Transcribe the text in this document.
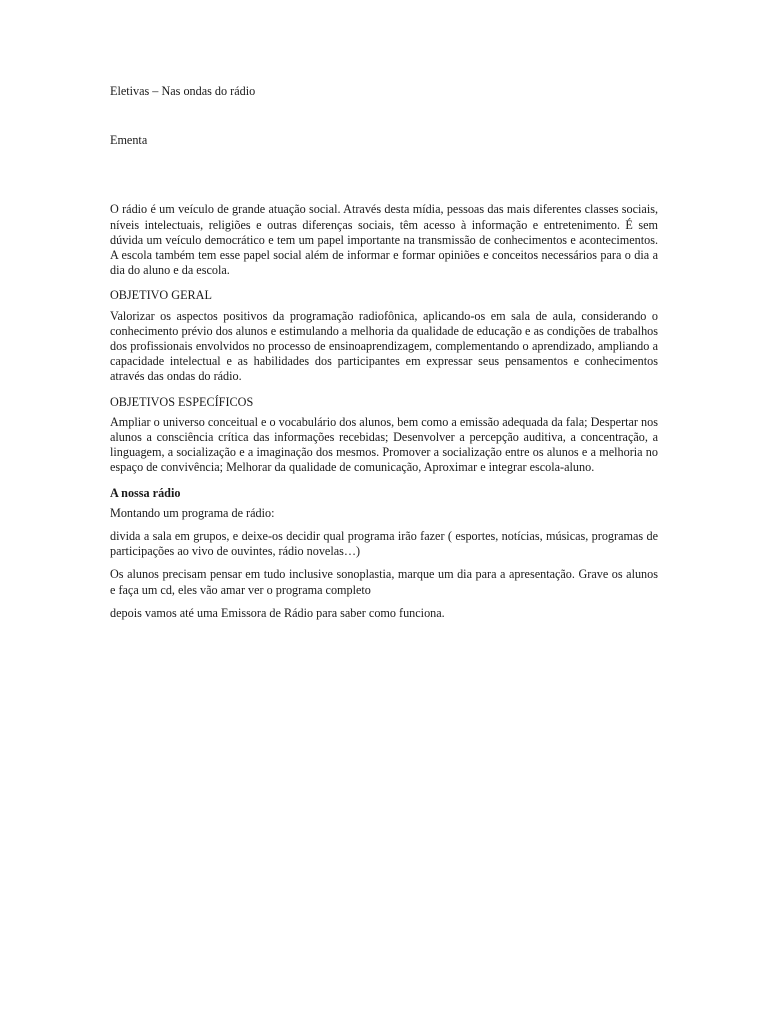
Eletivas – Nas ondas do rádio

Ementa

O rádio é um veículo de grande atuação social. Através desta mídia, pessoas das mais diferentes classes sociais, níveis intelectuais, religiões e outras diferenças sociais, têm acesso à informação e entretenimento. É sem dúvida um veículo democrático e tem um papel importante na transmissão de conhecimentos e acontecimentos. A escola também tem esse papel social além de informar e formar opiniões e conceitos necessários para o dia a dia do aluno e da escola.

OBJETIVO GERAL

Valorizar os aspectos positivos da programação radiofônica, aplicando-os em sala de aula, considerando o conhecimento prévio dos alunos e estimulando a melhoria da qualidade de educação e as condições de trabalhos dos profissionais envolvidos no processo de ensinoaprendizagem, complementando o aprendizado, ampliando a capacidade intelectual e as habilidades dos participantes em expressar seus pensamentos e conhecimentos através das ondas do rádio.

OBJETIVOS ESPECÍFICOS

Ampliar o universo conceitual e o vocabulário dos alunos, bem como a emissão adequada da fala; Despertar nos alunos a consciência crítica das informações recebidas; Desenvolver a percepção auditiva, a concentração, a linguagem, a socialização e a imaginação dos mesmos. Promover a socialização entre os alunos e a melhoria no espaço de convivência; Melhorar da qualidade de comunicação, Aproximar e integrar escola-aluno.

A nossa rádio

Montando um programa de rádio:

divida a sala em grupos, e deixe-os decidir qual programa irão fazer ( esportes, notícias, músicas, programas de participações ao vivo de ouvintes, rádio novelas…)

Os alunos precisam pensar em tudo inclusive sonoplastia, marque um dia para a apresentação. Grave os alunos e faça um cd, eles vão amar ver o programa completo

depois vamos até uma Emissora de Rádio para saber como funciona.
